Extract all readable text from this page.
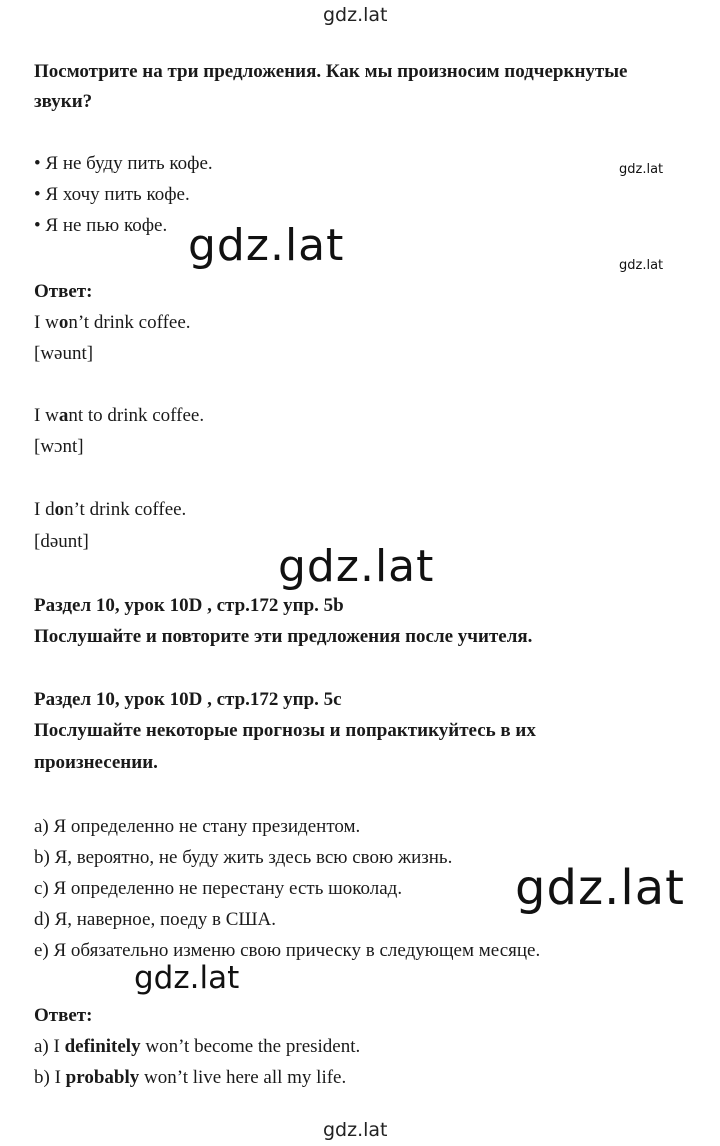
gdz.lat
gdz.lat
gdz.lat
gdz.lat
gdz.lat
gdz.lat
gdz.lat
gdz.lat
Посмотрите на три предложения. Как мы произносим подчеркнутые
звуки?
• Я не буду пить кофе.
• Я хочу пить кофе.
• Я не пью кофе.
Ответ:
I won’t drink coffee.
[wəunt]
I want to drink coffee.
[wɔnt]
I don’t drink coffee.
[dəunt]
Раздел 10, урок 10D , стр.172 упр. 5b
Послушайте и повторите эти предложения после учителя.
Раздел 10, урок 10D , стр.172 упр. 5c
Послушайте некоторые прогнозы и попрактикуйтесь в их
произнесении.
a) Я определенно не стану президентом.
b) Я, вероятно, не буду жить здесь всю свою жизнь.
c) Я определенно не перестану есть шоколад.
d) Я, наверное, поеду в США.
e) Я обязательно изменю свою прическу в следующем месяце.
Ответ:
a) I definitely won’t become the president.
b) I probably won’t live here all my life.
